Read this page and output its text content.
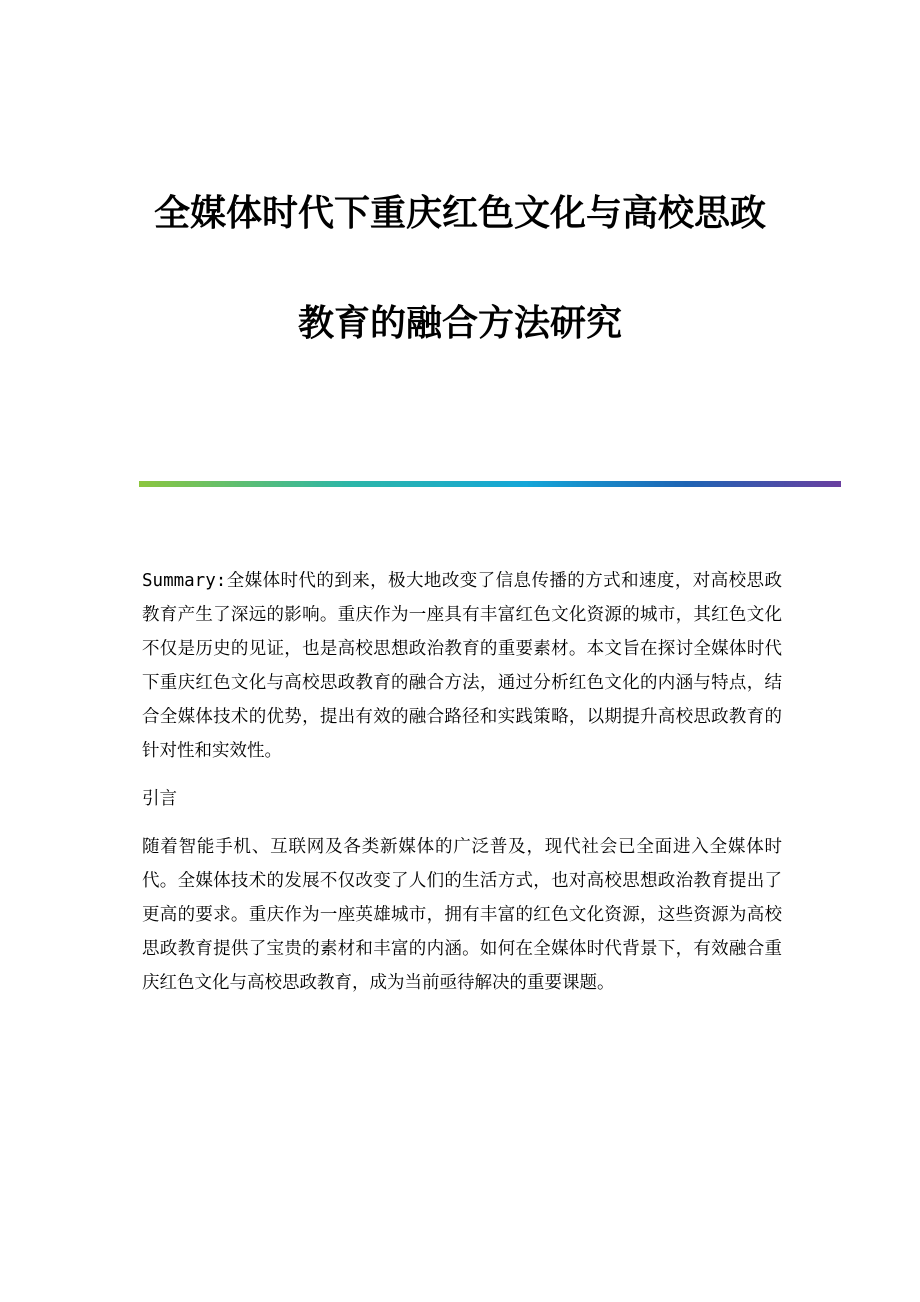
全媒体时代下重庆红色文化与高校思政
教育的融合方法研究

Summary:全媒体时代的到来，极大地改变了信息传播的方式和速度，对高校思政教育产生了深远的影响。重庆作为一座具有丰富红色文化资源的城市，其红色文化不仅是历史的见证，也是高校思想政治教育的重要素材。本文旨在探讨全媒体时代下重庆红色文化与高校思政教育的融合方法，通过分析红色文化的内涵与特点，结合全媒体技术的优势，提出有效的融合路径和实践策略，以期提升高校思政教育的针对性和实效性。

引言

随着智能手机、互联网及各类新媒体的广泛普及，现代社会已全面进入全媒体时代。全媒体技术的发展不仅改变了人们的生活方式，也对高校思想政治教育提出了更高的要求。重庆作为一座英雄城市，拥有丰富的红色文化资源，这些资源为高校思政教育提供了宝贵的素材和丰富的内涵。如何在全媒体时代背景下，有效融合重庆红色文化与高校思政教育，成为当前亟待解决的重要课题。
